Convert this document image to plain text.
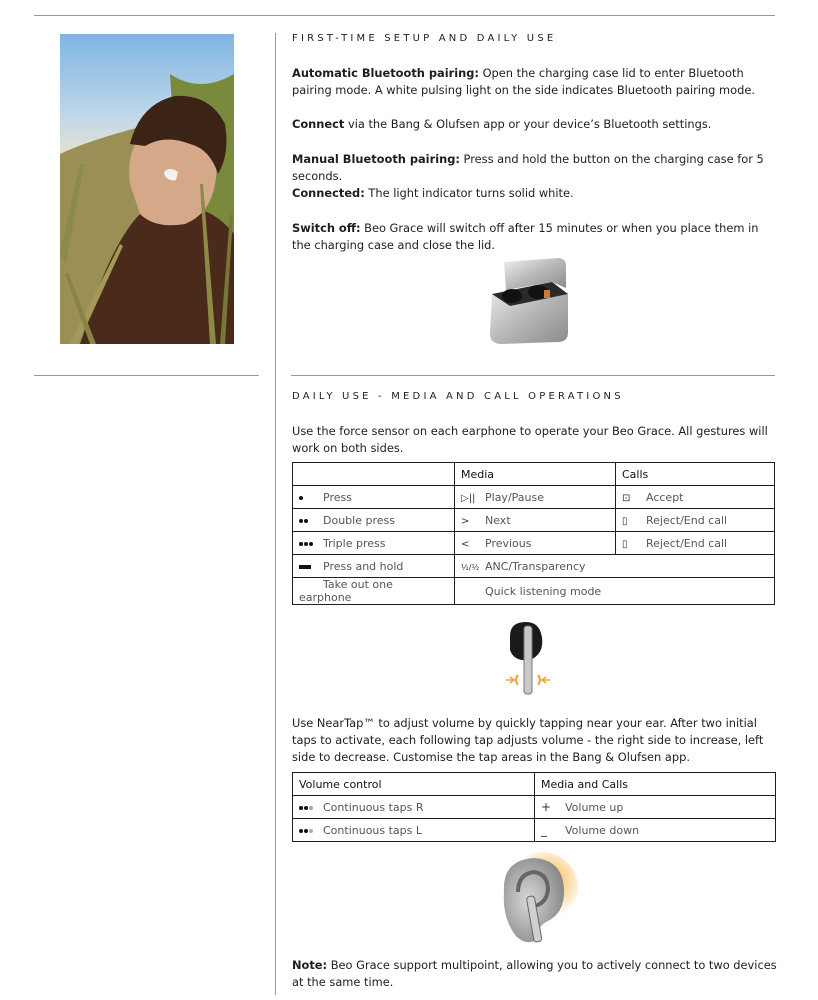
FIRST-TIME SETUP AND DAILY USE

Automatic Bluetooth pairing: Open the charging case lid to enter Bluetooth pairing mode. A white pulsing light on the side indicates Bluetooth pairing mode.

Connect via the Bang & Olufsen app or your device’s Bluetooth settings.

Manual Bluetooth pairing: Press and hold the button on the charging case for 5 seconds.

Connected: The light indicator turns solid white.

Switch off: Beo Grace will switch off after 15 minutes or when you place them in the charging case and close the lid.

DAILY USE - MEDIA AND CALL OPERATIONS

Use the force sensor on each earphone to operate your Beo Grace. All gestures will work on both sides.

	Media	Calls
Press	▷|| Play/Pause	⊡ Accept
Double press	> Next	▯ Reject/End call
Triple press	< Previous	▯ Reject/End call
Press and hold	½/½ ANC/Transparency	
Take out one earphone	Quick listening mode	

Use NearTap™ to adjust volume by quickly tapping near your ear. After two initial taps to activate, each following tap adjusts volume - the right side to increase, left side to decrease. Customise the tap areas in the Bang & Olufsen app.

Volume control	Media and Calls
Continuous taps R	+ Volume up
Continuous taps L	_ Volume down

Note: Beo Grace support multipoint, allowing you to actively connect to two devices at the same time.
